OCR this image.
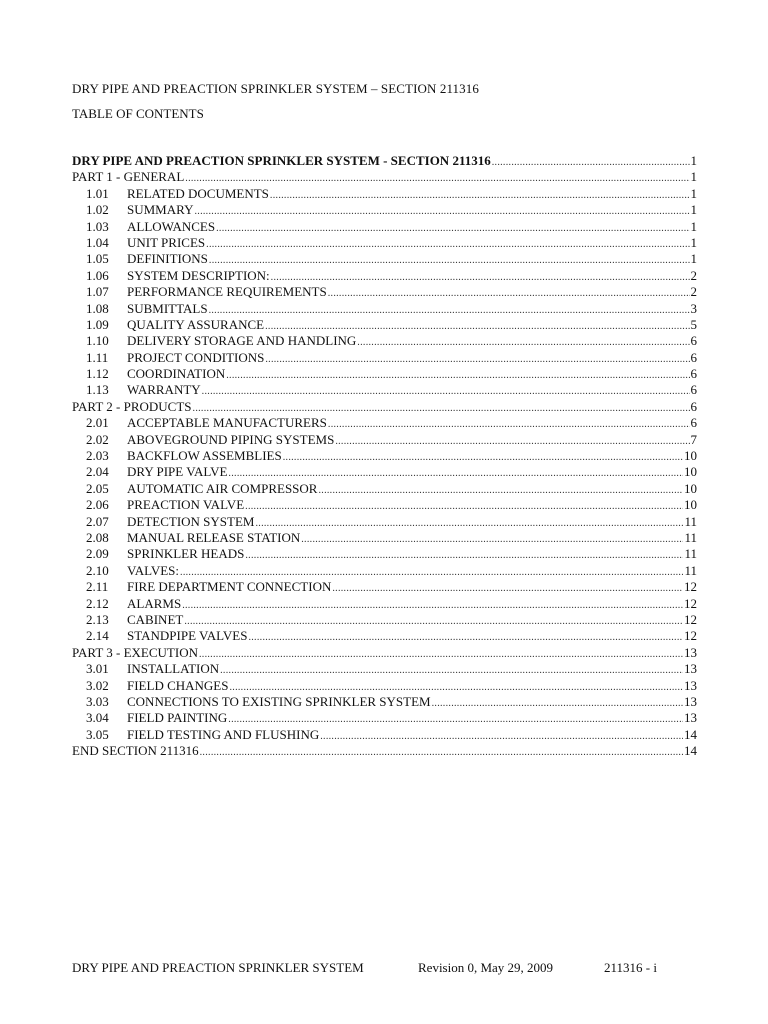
DRY PIPE AND PREACTION SPRINKLER SYSTEM – SECTION 211316
TABLE OF CONTENTS
DRY PIPE AND PREACTION SPRINKLER SYSTEM - SECTION 211316 .....	1
PART 1 - GENERAL .....	1
1.01	RELATED DOCUMENTS .....	1
1.02	SUMMARY .....	1
1.03	ALLOWANCES .....	1
1.04	UNIT PRICES .....	1
1.05	DEFINITIONS .....	1
1.06	SYSTEM DESCRIPTION: .....	2
1.07	PERFORMANCE REQUIREMENTS .....	2
1.08	SUBMITTALS .....	3
1.09	QUALITY ASSURANCE .....	5
1.10	DELIVERY STORAGE AND HANDLING .....	6
1.11	PROJECT CONDITIONS .....	6
1.12	COORDINATION .....	6
1.13	WARRANTY .....	6
PART 2 - PRODUCTS .....	6
2.01	ACCEPTABLE MANUFACTURERS .....	6
2.02	ABOVEGROUND PIPING SYSTEMS .....	7
2.03	BACKFLOW ASSEMBLIES .....	10
2.04	DRY PIPE VALVE .....	10
2.05	AUTOMATIC AIR COMPRESSOR .....	10
2.06	PREACTION VALVE .....	10
2.07	DETECTION SYSTEM .....	11
2.08	MANUAL RELEASE STATION .....	11
2.09	SPRINKLER HEADS .....	11
2.10	VALVES: .....	11
2.11	FIRE DEPARTMENT CONNECTION .....	12
2.12	ALARMS .....	12
2.13	CABINET .....	12
2.14	STANDPIPE VALVES .....	12
PART 3 - EXECUTION .....	13
3.01	INSTALLATION .....	13
3.02	FIELD CHANGES .....	13
3.03	CONNECTIONS TO EXISTING SPRINKLER SYSTEM .....	13
3.04	FIELD PAINTING .....	13
3.05	FIELD TESTING AND FLUSHING .....	14
END SECTION 211316 .....	14
DRY PIPE AND PREACTION SPRINKLER SYSTEM	Revision 0, May 29, 2009	211316 - i
